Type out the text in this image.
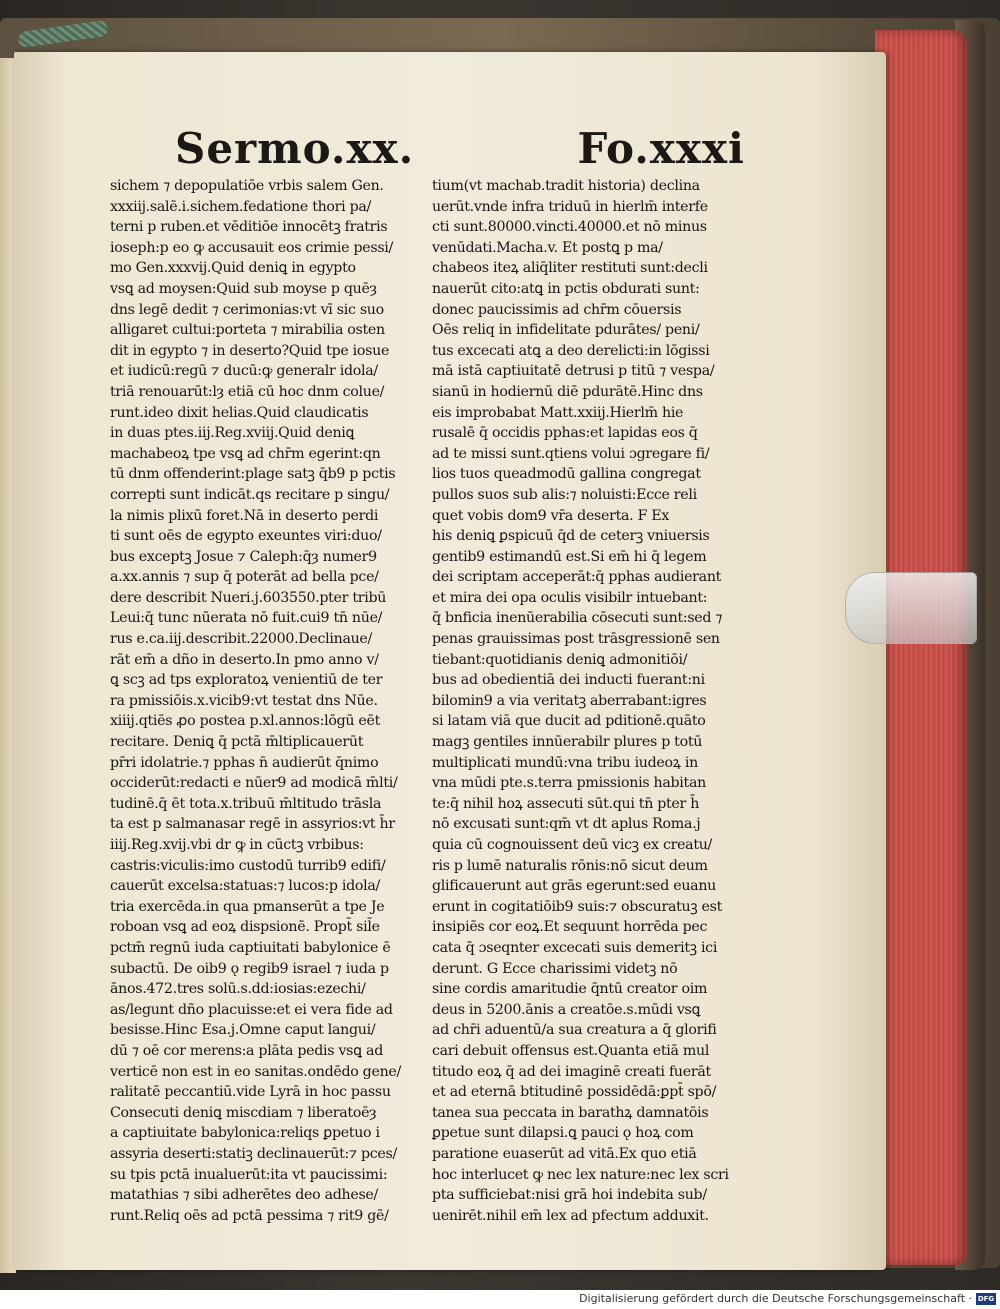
Sermo.xx.	Fo.xxxi
sichem ⁊ depopulatiōe vrbis salem Gen.
xxxiij.salē.i.sichem.fedatione thori pa/
terni p ruben.et vēditiōe innocētꝫ fratris
ioseph:p eo ꝙ accusauit eos crimie pessi/
mo Gen.xxxvij.Quid deniꝗ in egypto
vsꝗ ad moysen:Quid sub moyse p quēȝ
dns legē dedit ⁊ cerimonias:vt vī sic suo
alligaret cultui:porteta ⁊ mirabilia osten
dit in egypto ⁊ in deserto?Quid tpe iosue
et iudicū:regū ⁊ ducū:ꝙ generalr idola/
triā renouarūt:lȝ etiā cū hoc dnm colue/
runt.ideo dixit helias.Quid claudicatis
in duas ptes.iij.Reg.xviij.Quid deniꝗ
machabeoꝝ tpe vsꝗ ad chr̄m egerint:qn
tū dnm offenderint:plage satꝫ q̄b9 p pctis
correpti sunt indicāt.qs recitare p singu/
la nimis plixū foret.Nā in deserto perdi
ti sunt oēs de egypto exeuntes viri:duo/
bus exceptꝫ Josue ⁊ Caleph:q̄ȝ numer9
a.xx.annis ⁊ sup q̄ poterāt ad bella pce/
dere describit Nueri.j.603550.pter tribū
Leui:q̄ tunc nūerata nō fuit.cui9 tn̄ nūe/
rus e.ca.iij.describit.22000.Declinaue/
rāt em̄ a dño in deserto.In pmo anno v/
ꝗ scꝫ ad tps exploratoꝝ venientiū de ter
ra pmissiōis.x.vicib9:vt testat dns Nūe.
xiiij.qtiēs ꝓo postea p.xl.annos:lōgū eēt
recitare. Deniꝗ q̄ pctā m̄ltiplicauerūt
pr̄ri idolatrie.⁊ pphas n̄ audierūt q̄nimo
occiderūt:redacti e nūer9 ad modicā m̄lti/
tudinē.q̄ ēt tota.x.tribuū m̄ltitudo trāsla
ta est p salmanasar regē in assyrios:vt h̄r
iiij.Reg.xvij.vbi dr ꝙ in cūctꝫ vrbibus:
castris:viculis:imo custodū turrib9 edifi/
cauerūt excelsa:statuas:⁊ lucos:p idola/
tria exercēda.in qua pmanserūt a tpe Je
roboan vsꝗ ad eoꝝ dispsionē. Propt̄ sil̄e
pctm̄ regnū iuda captiuitati babylonice ē
subactū. De oib9 ǫ regib9 israel ⁊ iuda p
ānos.472.tres solū.s.dd:iosias:ezechi/
as/legunt dño placuisse:et ei vera fide ad
besisse.Hinc Esa.j.Omne caput langui/
dū ⁊ oē cor merens:a plāta pedis vsꝗ ad
verticē non est in eo sanitas.ondēdo gene/
ralitatē peccantiū.vide Lyrā in hoc passu
Consecuti deniꝗ miscdiam ⁊ liberatoēȝ
a captiuitate babylonica:reliqs ꝑpetuo i
assyria deserti:statiꝫ declinauerūt:⁊ pces/
su tpis pctā inualuerūt:ita vt paucissimi:
matathias ⁊ sibi adherētes deo adhese/
runt.Reliq oēs ad pctā pessima ⁊ rit9 gē/
tium(vt machab.tradit historia) declina
uerūt.vnde infra triduū in hierlm̄ interfe
cti sunt.80000.vincti.40000.et nō minus
venūdati.Macha.v. Et postꝗ p ma/
chabeos iteꝝ aliq̄liter restituti sunt:decli
nauerūt cito:atꝗ in pctis obdurati sunt:
donec paucissimis ad chr̄m cōuersis
Oēs reliq in infidelitate pdurātes/ peni/
tus excecati atꝗ a deo derelicti:in lōgissi
mā istā captiuitatē detrusi p titū ⁊ vespa/
sianū in hodiernū diē pdurātē.Hinc dns
eis improbabat Matt.xxiij.Hierlm̄ hie
rusalē q̄ occidis pphas:et lapidas eos q̄
ad te missi sunt.qtiens volui ɔgregare fi/
lios tuos queadmodū gallina congregat
pullos suos sub alis:⁊ noluisti:Ecce reli
quet vobis dom9 vr̄a deserta. F Ex
his deniꝗ ꝑspicuū q̄d de ceterꝫ vniuersis
gentib9 estimandū est.Si em̄ hi q̄ legem
dei scriptam acceperāt:q̄ pphas audierant
et mira dei opa oculis visibilr intuebant:
q̄ bnficia inenūerabilia cōsecuti sunt:sed ⁊
penas grauissimas post trāsgressionē sen
tiebant:quotidianis deniꝗ admonitiōi/
bus ad obedientiā dei inducti fuerant:ni
bilomin9 a via veritatꝫ aberrabant:igres
si latam viā que ducit ad pditionē.quāto
magꝫ gentiles innūerabilr plures p totū
multiplicati mundū:vna tribu iudeoꝝ in
vna mūdi pte.s.terra pmissionis habitan
te:q̄ nihil hoꝝ assecuti sūt.qui tn̄ pter h̄
nō excusati sunt:qm̄ vt dt aplus Roma.j
quia cū cognouissent deū vicꝫ ex creatu/
ris p lumē naturalis rōnis:nō sicut deum
glificauerunt aut grās egerunt:sed euanu
erunt in cogitatiōib9 suis:⁊ obscuratuꝫ est
insipiēs cor eoꝝ.Et sequunt horrēda pec
cata q̄ ɔseqnter excecati suis demeritꝫ ici
derunt. G Ecce charissimi videtꝫ nō
sine cordis amaritudie q̄ntū creator oim
deus in 5200.ānis a creatōe.s.mūdi vsꝗ
ad chr̄i aduentū/a sua creatura a q̄ glorifi
cari debuit offensus est.Quanta etiā mul
titudo eoꝝ q̄ ad dei imaginē creati fuerāt
et ad eternā btitudinē possidēdā:ꝑpt̄ spō/
tanea sua peccata in barathꝝ damnatōis
ꝑpetue sunt dilapsi.ꝗ pauci ǫ hoꝝ com
paratione euaserūt ad vitā.Ex quo etiā
hoc interlucet ꝙ nec lex nature:nec lex scri
pta sufficiebat:nisi grā hoi indebita sub/
uenirēt.nihil em̄ lex ad pfectum adduxit.
Digitalisierung gefördert durch die Deutsche Forschungsgemeinschaft · DFG
